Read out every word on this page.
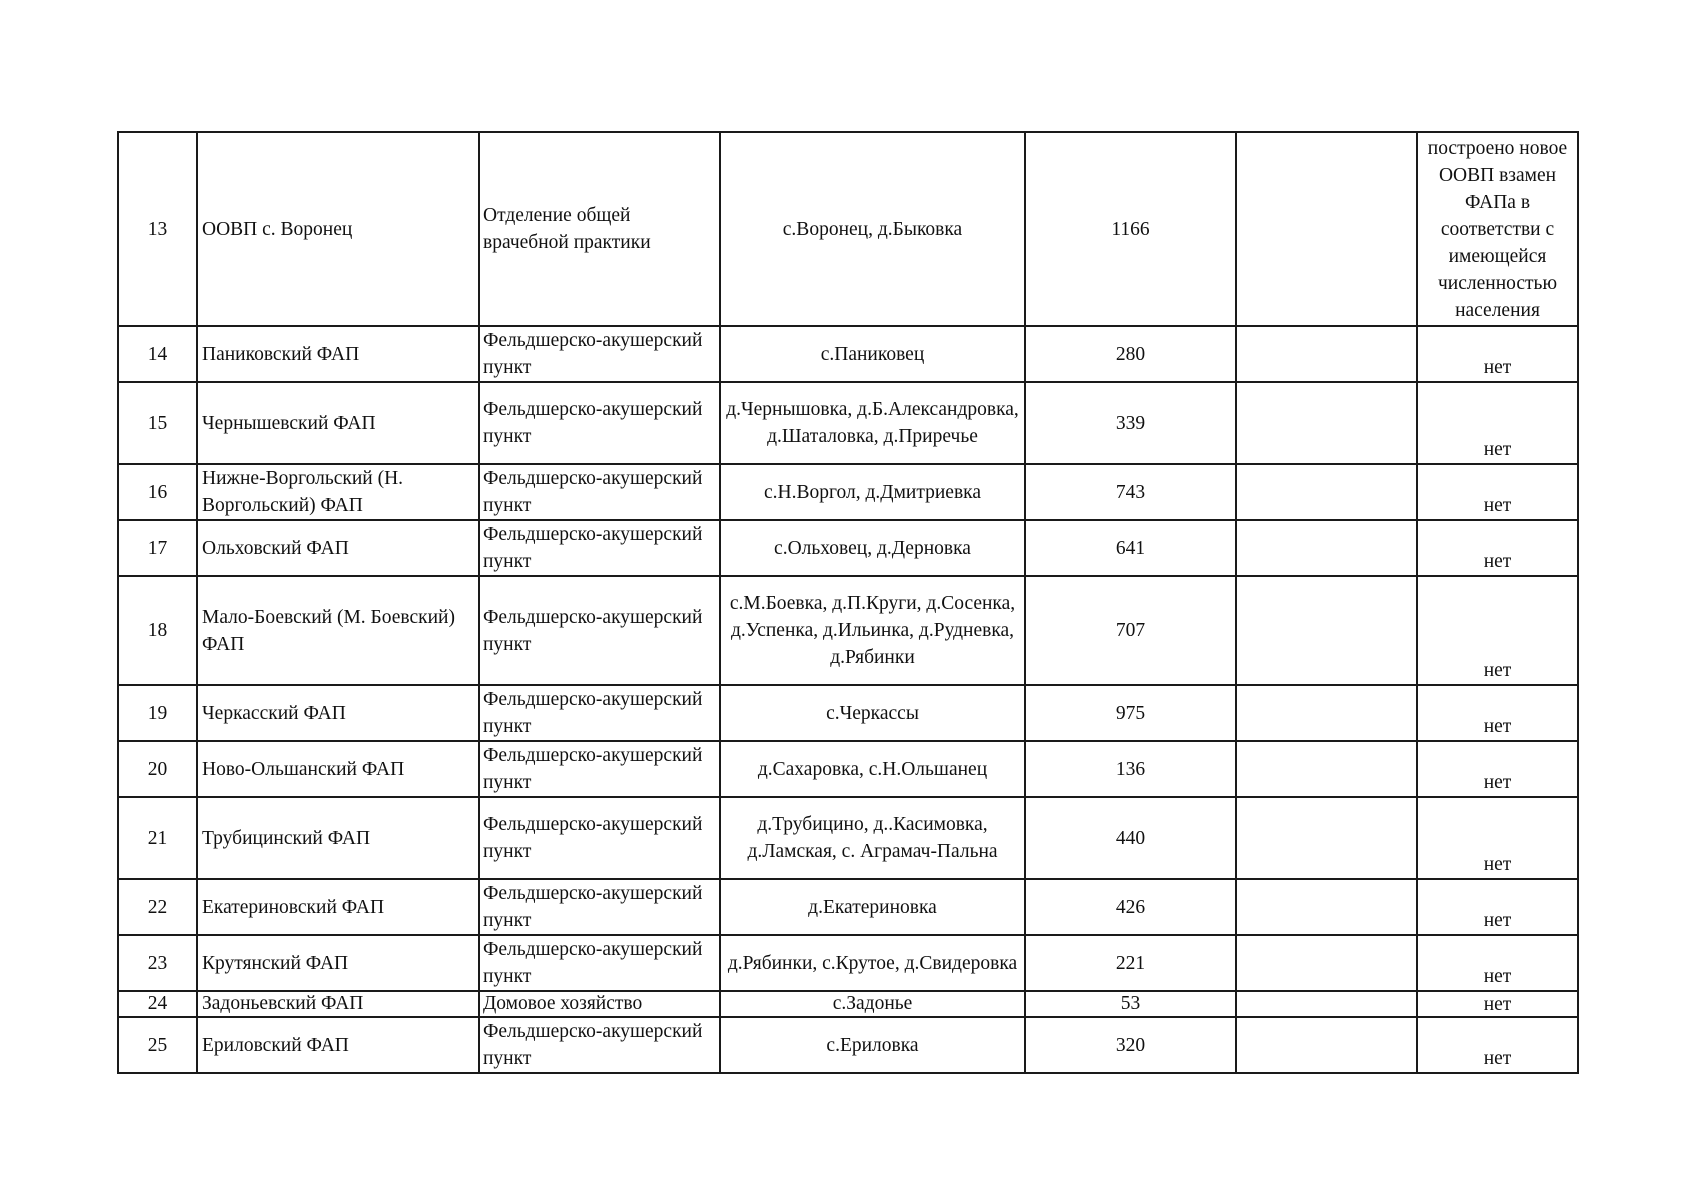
13	ООВП с. Воронец	Отделение общей врачебной практики	с.Воронец, д.Быковка	1166		построено новое ООВП взамен ФАПа в соответстви с имеющейся численностью населения
14	Паниковский ФАП	Фельдшерско-акушерский пункт	с.Паниковец	280		нет
15	Чернышевский ФАП	Фельдшерско-акушерский пункт	д.Чернышовка, д.Б.Александровка, д.Шаталовка, д.Приречье	339		нет
16	Нижне-Воргольский (Н. Воргольский) ФАП	Фельдшерско-акушерский пункт	с.Н.Воргол, д.Дмитриевка	743		нет
17	Ольховский ФАП	Фельдшерско-акушерский пункт	с.Ольховец, д.Дерновка	641		нет
18	Мало-Боевский (М. Боевский) ФАП	Фельдшерско-акушерский пункт	с.М.Боевка, д.П.Круги, д.Сосенка, д.Успенка, д.Ильинка, д.Рудневка, д.Рябинки	707		нет
19	Черкасский ФАП	Фельдшерско-акушерский пункт	с.Черкассы	975		нет
20	Ново-Ольшанский ФАП	Фельдшерско-акушерский пункт	д.Сахаровка, с.Н.Ольшанец	136		нет
21	Трубицинский ФАП	Фельдшерско-акушерский пункт	д.Трубицино, д..Касимовка, д.Ламская, с. Аграмач-Пальна	440		нет
22	Екатериновский ФАП	Фельдшерско-акушерский пункт	д.Екатериновка	426		нет
23	Крутянский ФАП	Фельдшерско-акушерский пункт	д.Рябинки, с.Крутое, д.Свидеровка	221		нет
24	Задоньевский ФАП	Домовое хозяйство	с.Задонье	53		нет
25	Ериловский ФАП	Фельдшерско-акушерский пункт	с.Ериловка	320		нет
